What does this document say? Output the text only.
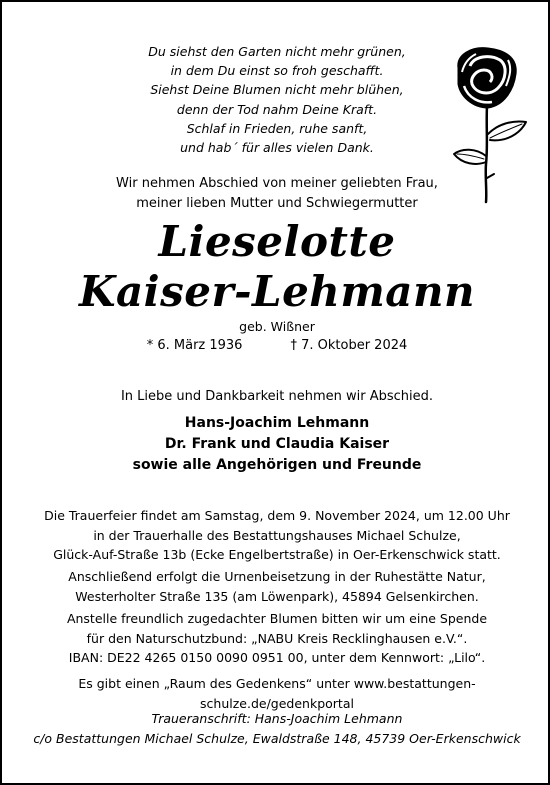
Du siehst den Garten nicht mehr grünen,
in dem Du einst so froh geschafft.
Siehst Deine Blumen nicht mehr blühen,
denn der Tod nahm Deine Kraft.
Schlaf in Frieden, ruhe sanft,
und hab´ für alles vielen Dank.
Wir nehmen Abschied von meiner geliebten Frau,
meiner lieben Mutter und Schwiegermutter
Lieselotte
Kaiser-Lehmann
geb. Wißner
* 6. März 1936	† 7. Oktober 2024
In Liebe und Dankbarkeit nehmen wir Abschied.
Hans-Joachim Lehmann
Dr. Frank und Claudia Kaiser
sowie alle Angehörigen und Freunde
Die Trauerfeier findet am Samstag, dem 9. November 2024, um 12.00 Uhr
in der Trauerhalle des Bestattungshauses Michael Schulze,
Glück-Auf-Straße 13b (Ecke Engelbertstraße) in Oer-Erkenschwick statt.
Anschließend erfolgt die Urnenbeisetzung in der Ruhestätte Natur,
Westerholter Straße 135 (am Löwenpark), 45894 Gelsenkirchen.
Anstelle freundlich zugedachter Blumen bitten wir um eine Spende
für den Naturschutzbund: „NABU Kreis Recklinghausen e.V.“.
IBAN: DE22 4265 0150 0090 0951 00, unter dem Kennwort: „Lilo“.
Es gibt einen „Raum des Gedenkens“ unter www.bestattungen-schulze.de/gedenkportal
Traueranschrift: Hans-Joachim Lehmann
c/o Bestattungen Michael Schulze, Ewaldstraße 148, 45739 Oer-Erkenschwick
